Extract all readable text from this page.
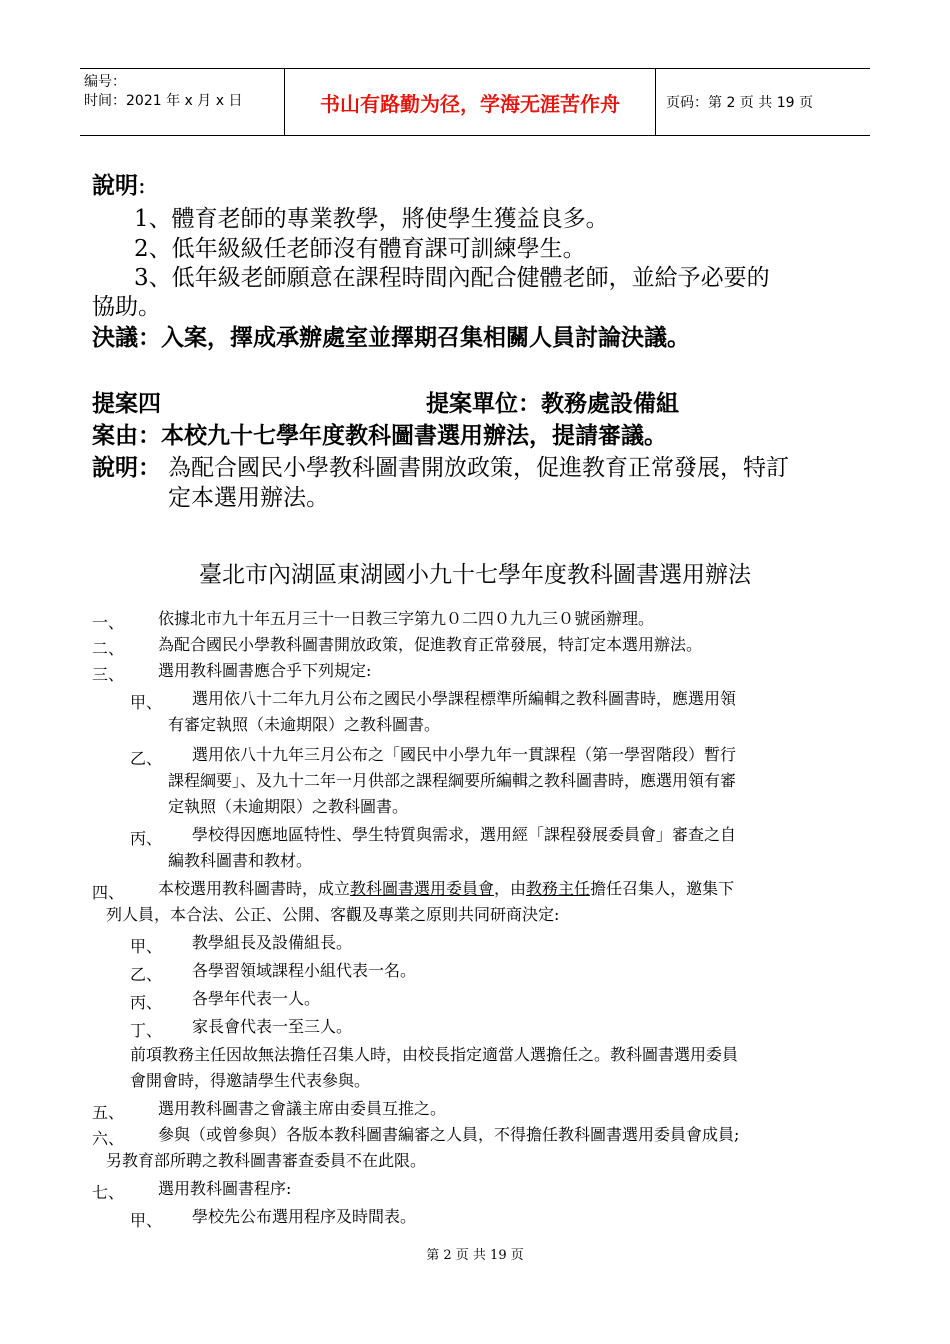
编号：
时间：2021 年 x 月 x 日	书山有路勤为径，学海无涯苦作舟	页码：第 2 页 共 19 页
說明:
1、體育老師的專業教學，將使學生獲益良多。
2、低年級級任老師沒有體育課可訓練學生。
3、低年級老師願意在課程時間內配合健體老師，並給予必要的
協助。
決議：入案，擇成承辦處室並擇期召集相關人員討論決議。
提案四	提案單位：教務處設備組
案由：本校九十七學年度教科圖書選用辦法，提請審議。
說明： 為配合國民小學教科圖書開放政策，促進教育正常發展，特訂
定本選用辦法。
臺北市內湖區東湖國小九十七學年度教科圖書選用辦法
一、 依據北市九十年五月三十一日教三字第九０二四０九九三０號函辦理。
二、 為配合國民小學教科圖書開放政策，促進教育正常發展，特訂定本選用辦法。
三、 選用教科圖書應合乎下列規定:
甲、 選用依八十二年九月公布之國民小學課程標準所編輯之教科圖書時，應選用領
有審定執照（未逾期限）之教科圖書。
乙、 選用依八十九年三月公布之「國民中小學九年一貫課程（第一學習階段）暫行
課程綱要」、及九十二年一月供部之課程綱要所編輯之教科圖書時，應選用領有審
定執照（未逾期限）之教科圖書。
丙、 學校得因應地區特性、學生特質與需求，選用經「課程發展委員會」審查之自
編教科圖書和教材。
四、 本校選用教科圖書時，成立教科圖書選用委員會，由教務主任擔任召集人，邀集下
列人員，本合法、公正、公開、客觀及專業之原則共同研商決定:
甲、 教學組長及設備組長。
乙、 各學習領域課程小組代表一名。
丙、 各學年代表一人。
丁、 家長會代表一至三人。
前項教務主任因故無法擔任召集人時，由校長指定適當人選擔任之。教科圖書選用委員
會開會時，得邀請學生代表參與。
五、 選用教科圖書之會議主席由委員互推之。
六、 參與（或曾參與）各版本教科圖書編審之人員，不得擔任教科圖書選用委員會成員;
另教育部所聘之教科圖書審查委員不在此限。
七、 選用教科圖書程序:
甲、 學校先公布選用程序及時間表。
第 2 页 共 19 页
